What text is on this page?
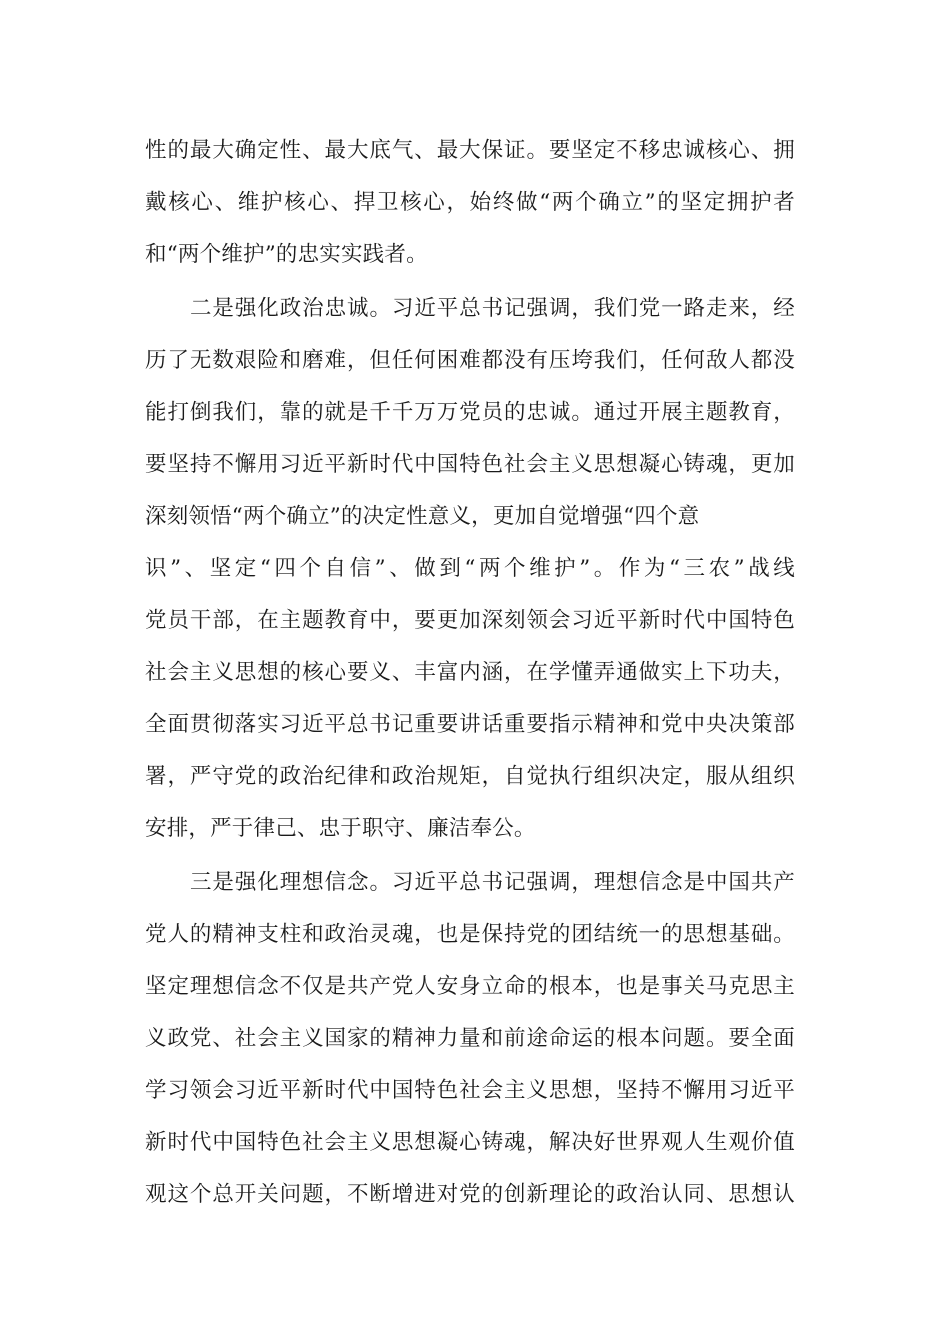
性的最大确定性、最大底气、最大保证。要坚定不移忠诚核心、拥
戴核心、维护核心、捍卫核心，始终做“两个确立”的坚定拥护者
和“两个维护”的忠实实践者。
二是强化政治忠诚。习近平总书记强调，我们党一路走来，经
历了无数艰险和磨难，但任何困难都没有压垮我们，任何敌人都没
能打倒我们，靠的就是千千万万党员的忠诚。通过开展主题教育，
要坚持不懈用习近平新时代中国特色社会主义思想凝心铸魂，更加
深刻领悟“两个确立”的决定性意义，更加自觉增强“四个意
识”、坚定“四个自信”、做到“两个维护”。作为“三农”战线
党员干部，在主题教育中，要更加深刻领会习近平新时代中国特色
社会主义思想的核心要义、丰富内涵，在学懂弄通做实上下功夫，
全面贯彻落实习近平总书记重要讲话重要指示精神和党中央决策部
署，严守党的政治纪律和政治规矩，自觉执行组织决定，服从组织
安排，严于律己、忠于职守、廉洁奉公。
三是强化理想信念。习近平总书记强调，理想信念是中国共产
党人的精神支柱和政治灵魂，也是保持党的团结统一的思想基础。
坚定理想信念不仅是共产党人安身立命的根本，也是事关马克思主
义政党、社会主义国家的精神力量和前途命运的根本问题。要全面
学习领会习近平新时代中国特色社会主义思想，坚持不懈用习近平
新时代中国特色社会主义思想凝心铸魂，解决好世界观人生观价值
观这个总开关问题，不断增进对党的创新理论的政治认同、思想认
